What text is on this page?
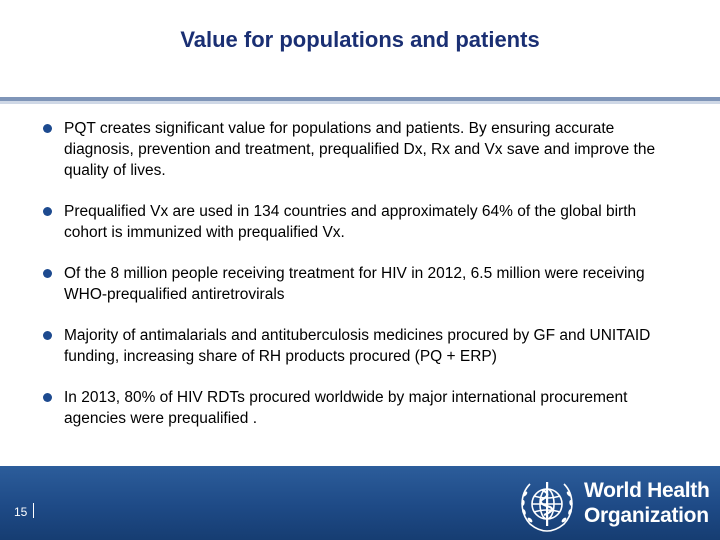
Value for populations and patients
PQT creates significant value for populations and patients. By ensuring accurate diagnosis, prevention and treatment, prequalified Dx, Rx and Vx save and improve the quality of lives.
Prequalified Vx are used in 134 countries and approximately 64% of the global birth cohort is immunized with prequalified Vx.
Of the 8 million people receiving treatment for HIV in 2012, 6.5 million were receiving WHO-prequalified antiretrovirals
Majority of antimalarials and antituberculosis medicines procured by GF and UNITAID funding, increasing share of RH products procured (PQ + ERP)
In 2013, 80% of HIV RDTs procured worldwide by major international procurement agencies were prequalified .
15
World Health
Organization
